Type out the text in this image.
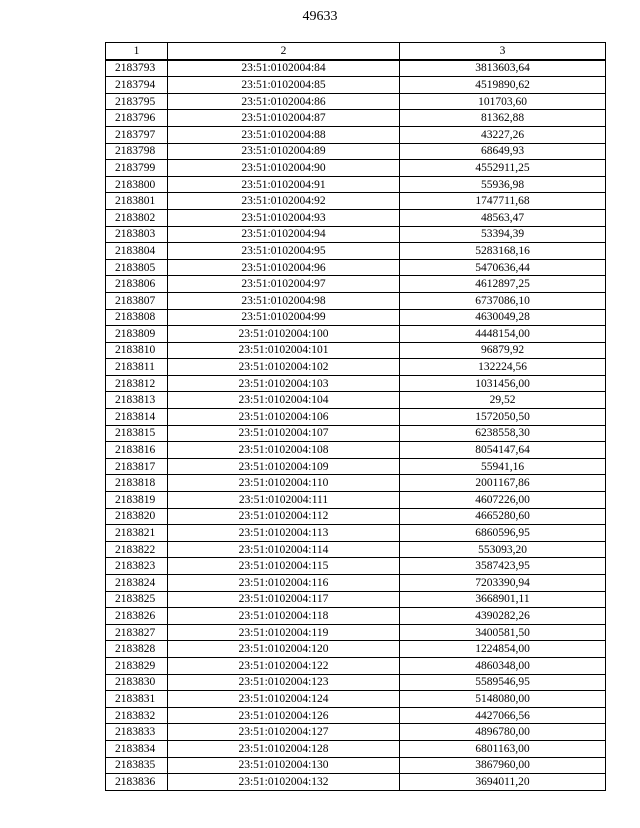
49633
1	2	3
2183793	23:51:0102004:84	3813603,64
2183794	23:51:0102004:85	4519890,62
2183795	23:51:0102004:86	101703,60
2183796	23:51:0102004:87	81362,88
2183797	23:51:0102004:88	43227,26
2183798	23:51:0102004:89	68649,93
2183799	23:51:0102004:90	4552911,25
2183800	23:51:0102004:91	55936,98
2183801	23:51:0102004:92	1747711,68
2183802	23:51:0102004:93	48563,47
2183803	23:51:0102004:94	53394,39
2183804	23:51:0102004:95	5283168,16
2183805	23:51:0102004:96	5470636,44
2183806	23:51:0102004:97	4612897,25
2183807	23:51:0102004:98	6737086,10
2183808	23:51:0102004:99	4630049,28
2183809	23:51:0102004:100	4448154,00
2183810	23:51:0102004:101	96879,92
2183811	23:51:0102004:102	132224,56
2183812	23:51:0102004:103	1031456,00
2183813	23:51:0102004:104	29,52
2183814	23:51:0102004:106	1572050,50
2183815	23:51:0102004:107	6238558,30
2183816	23:51:0102004:108	8054147,64
2183817	23:51:0102004:109	55941,16
2183818	23:51:0102004:110	2001167,86
2183819	23:51:0102004:111	4607226,00
2183820	23:51:0102004:112	4665280,60
2183821	23:51:0102004:113	6860596,95
2183822	23:51:0102004:114	553093,20
2183823	23:51:0102004:115	3587423,95
2183824	23:51:0102004:116	7203390,94
2183825	23:51:0102004:117	3668901,11
2183826	23:51:0102004:118	4390282,26
2183827	23:51:0102004:119	3400581,50
2183828	23:51:0102004:120	1224854,00
2183829	23:51:0102004:122	4860348,00
2183830	23:51:0102004:123	5589546,95
2183831	23:51:0102004:124	5148080,00
2183832	23:51:0102004:126	4427066,56
2183833	23:51:0102004:127	4896780,00
2183834	23:51:0102004:128	6801163,00
2183835	23:51:0102004:130	3867960,00
2183836	23:51:0102004:132	3694011,20
